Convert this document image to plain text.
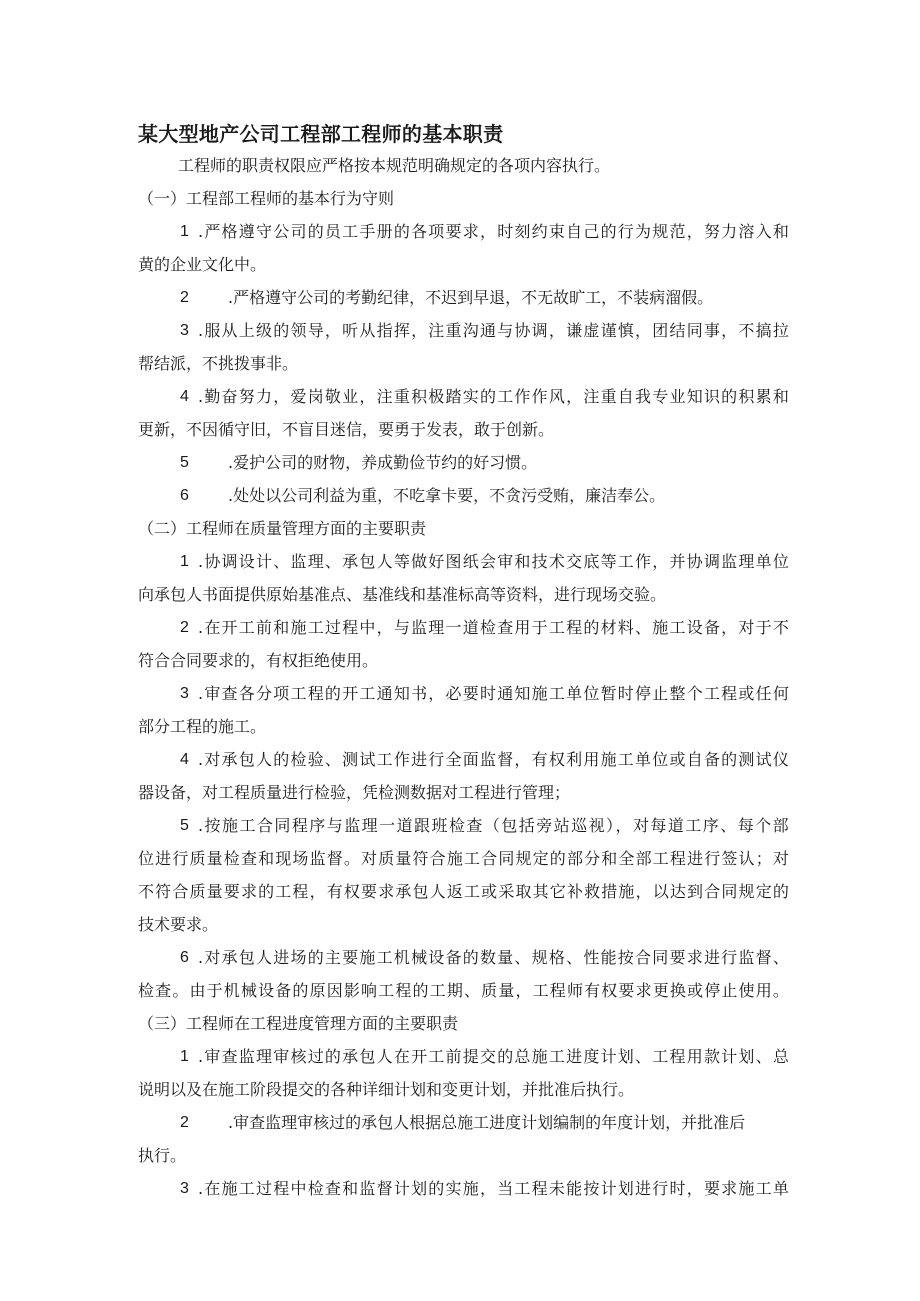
某大型地产公司工程部工程师的基本职责
工程师的职责权限应严格按本规范明确规定的各项内容执行。
（一）工程部工程师的基本行为守则
1 .严格遵守公司的员工手册的各项要求，时刻约束自己的行为规范，努力溶入和
黄的企业文化中。
2 .严格遵守公司的考勤纪律，不迟到早退，不无故旷工，不装病溜假。
3 .服从上级的领导，听从指挥，注重沟通与协调，谦虚谨慎，团结同事，不搞拉
帮结派，不挑拨事非。
4 .勤奋努力，爱岗敬业，注重积极踏实的工作作风，注重自我专业知识的积累和
更新，不因循守旧，不盲目迷信，要勇于发表，敢于创新。
5 .爱护公司的财物，养成勤俭节约的好习惯。
6 .处处以公司利益为重，不吃拿卡要，不贪污受贿，廉洁奉公。
（二）工程师在质量管理方面的主要职责
1 .协调设计、监理、承包人等做好图纸会审和技术交底等工作，并协调监理单位
向承包人书面提供原始基准点、基准线和基准标高等资料，进行现场交验。
2 .在开工前和施工过程中，与监理一道检查用于工程的材料、施工设备，对于不
符合合同要求的，有权拒绝使用。
3 .审查各分项工程的开工通知书，必要时通知施工单位暂时停止整个工程或任何
部分工程的施工。
4 .对承包人的检验、测试工作进行全面监督，有权利用施工单位或自备的测试仪
器设备，对工程质量进行检验，凭检测数据对工程进行管理；
5 .按施工合同程序与监理一道跟班检查（包括旁站巡视），对每道工序、每个部
位进行质量检查和现场监督。对质量符合施工合同规定的部分和全部工程进行签认；对
不符合质量要求的工程，有权要求承包人返工或采取其它补救措施，以达到合同规定的
技术要求。
6 .对承包人进场的主要施工机械设备的数量、规格、性能按合同要求进行监督、
检查。由于机械设备的原因影响工程的工期、质量，工程师有权要求更换或停止使用。
（三）工程师在工程进度管理方面的主要职责
1 .审查监理审核过的承包人在开工前提交的总施工进度计划、工程用款计划、总
说明以及在施工阶段提交的各种详细计划和变更计划，并批准后执行。
2 .审查监理审核过的承包人根据总施工进度计划编制的年度计划，并批准后
执行。
3 .在施工过程中检查和监督计划的实施，当工程未能按计划进行时，要求施工单
